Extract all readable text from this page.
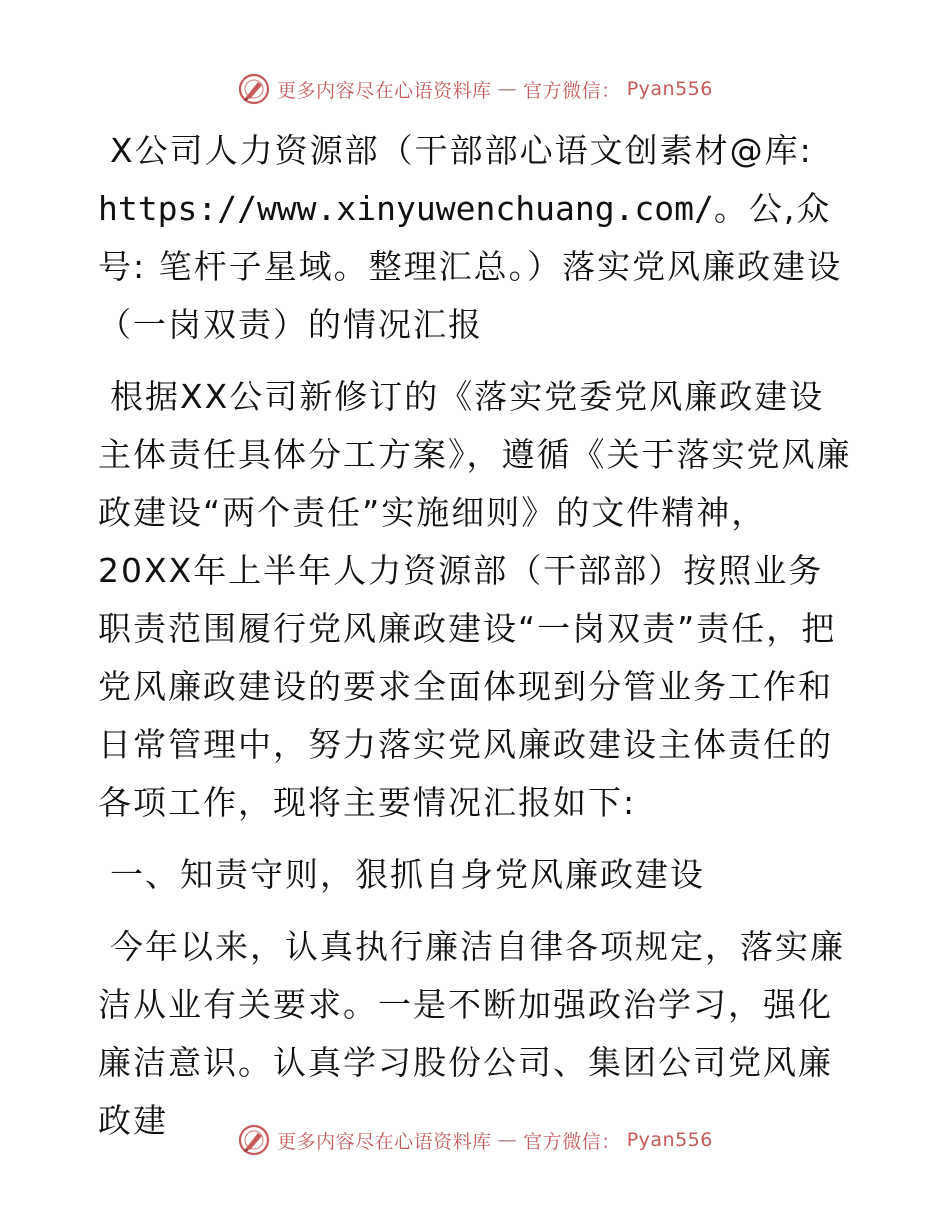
更多内容尽在心语资料库 — 官方微信： Pyan556

X公司人力资源部（干部部心语文创素材@库: https://www.xinyuwenchuang.com/。公,众号: 笔杆子星域。整理汇总。）落实党风廉政建设（一岗双责）的情况汇报

根据XX公司新修订的《落实党委党风廉政建设主体责任具体分工方案》，遵循《关于落实党风廉政建设“两个责任”实施细则》的文件精神，20XX年上半年人力资源部（干部部）按照业务职责范围履行党风廉政建设“一岗双责”责任，把党风廉政建设的要求全面体现到分管业务工作和日常管理中，努力落实党风廉政建设主体责任的各项工作，现将主要情况汇报如下:

一、知责守则，狠抓自身党风廉政建设

今年以来，认真执行廉洁自律各项规定，落实廉洁从业有关要求。一是不断加强政治学习，强化廉洁意识。认真学习股份公司、集团公司党风廉政建

更多内容尽在心语资料库 — 官方微信： Pyan556
